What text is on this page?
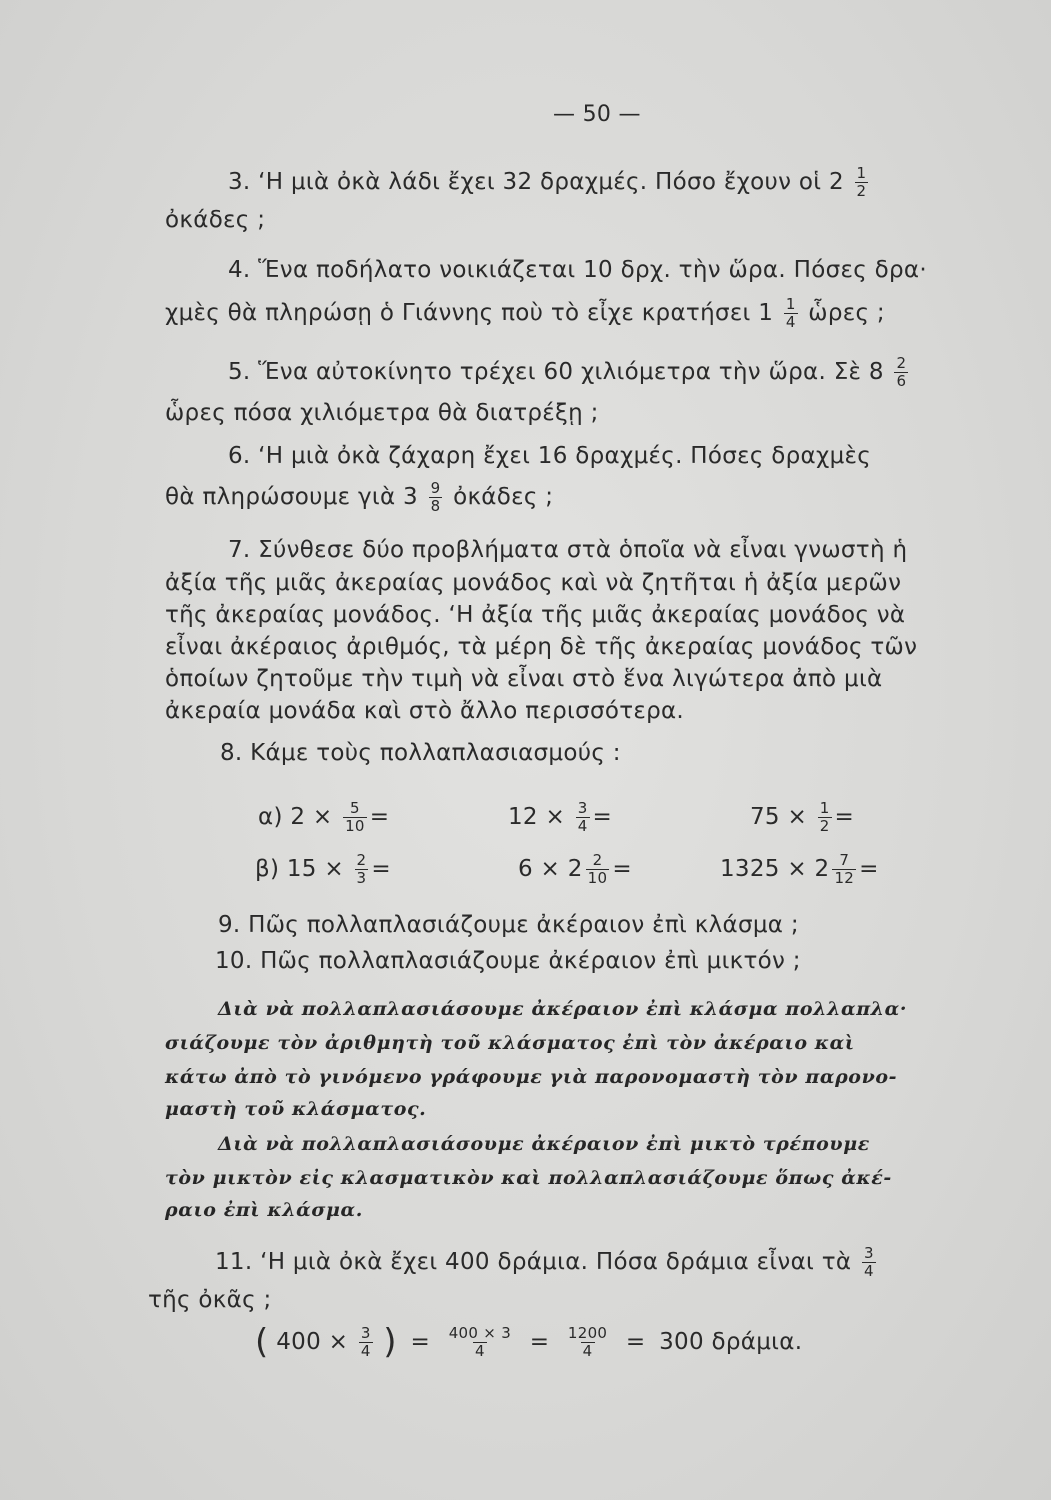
— 50 —
3. ‘Η μιὰ ὀκὰ λάδι ἔχει 32 δραχμές. Πόσο ἔχουν οἱ $2 \frac{1}{2}$
ὀκάδες ;
4. Ἕνα ποδήλατο νοικιάζεται 10 δρχ. τὴν ὥρα. Πόσες δρα·
χμὲς θὰ πληρώσῃ ὁ Γιάννης ποὺ τὸ εἶχε κρατήσει $1 \frac{1}{4}$ ὧρες ;
5. Ἕνα αὐτοκίνητο τρέχει 60 χιλιόμετρα τὴν ὥρα. Σὲ $8 \frac{2}{6}$
ὧρες πόσα χιλιόμετρα θὰ διατρέξῃ ;
6. ‘Η μιὰ ὀκὰ ζάχαρη ἔχει 16 δραχμές. Πόσες δραχμὲς
θὰ πληρώσουμε γιὰ $3 \frac{9}{8}$ ὀκάδες ;
7. Σύνθεσε δύο προβλήματα στὰ ὁποῖα νὰ εἶναι γνωστὴ ἡ
ἀξία τῆς μιᾶς ἀκεραίας μονάδος καὶ νὰ ζητῆται ἡ ἀξία μερῶν
τῆς ἀκεραίας μονάδος. ‘Η ἀξία τῆς μιᾶς ἀκεραίας μονάδος νὰ
εἶναι ἀκέραιος ἀριθμός, τὰ μέρη δὲ τῆς ἀκεραίας μονάδος τῶν
ὁποίων ζητοῦμε τὴν τιμὴ νὰ εἶναι στὸ ἕνα λιγώτερα ἀπὸ μιὰ
ἀκεραία μονάδα καὶ στὸ ἄλλο περισσότερα.
8. Κάμε τοὺς πολλαπλασιασμούς :
α) $2 \times \frac{5}{10}$ =	$12 \times \frac{3}{4}$ =	$75 \times \frac{1}{2}$ =
β) $15 \times \frac{2}{3}$ =	$6 \times 2 \frac{2}{10}$ =	$1325 \times 2 \frac{7}{12}$ =
9. Πῶς πολλαπλασιάζουμε ἀκέραιον ἐπὶ κλάσμα ;
10. Πῶς πολλαπλασιάζουμε ἀκέραιον ἐπὶ μικτόν ;
Διὰ νὰ πολλαπλασιάσουμε ἀκέραιον ἐπὶ κλάσμα πολλαπλα·
σιάζουμε τὸν ἀριθμητὴ τοῦ κλάσματος ἐπὶ τὸν ἀκέραιο καὶ
κάτω ἀπὸ τὸ γινόμενο γράφουμε γιὰ παρονομαστὴ τὸν παρονο-
μαστὴ τοῦ κλάσματος.
Διὰ νὰ πολλαπλασιάσουμε ἀκέραιον ἐπὶ μικτὸ τρέπουμε
τὸν μικτὸν εἰς κλασματικὸν καὶ πολλαπλασιάζουμε ὅπως ἀκέ-
ραιο ἐπὶ κλάσμα.
11. ‘Η μιὰ ὀκὰ ἔχει 400 δράμια. Πόσα δράμια εἶναι τὰ $\frac{3}{4}$
τῆς ὀκᾶς ;
( $400 \times \frac{3}{4}$ ) = $\frac{400 \times 3}{4} = \frac{1200}{4} = 300$ δράμια.
